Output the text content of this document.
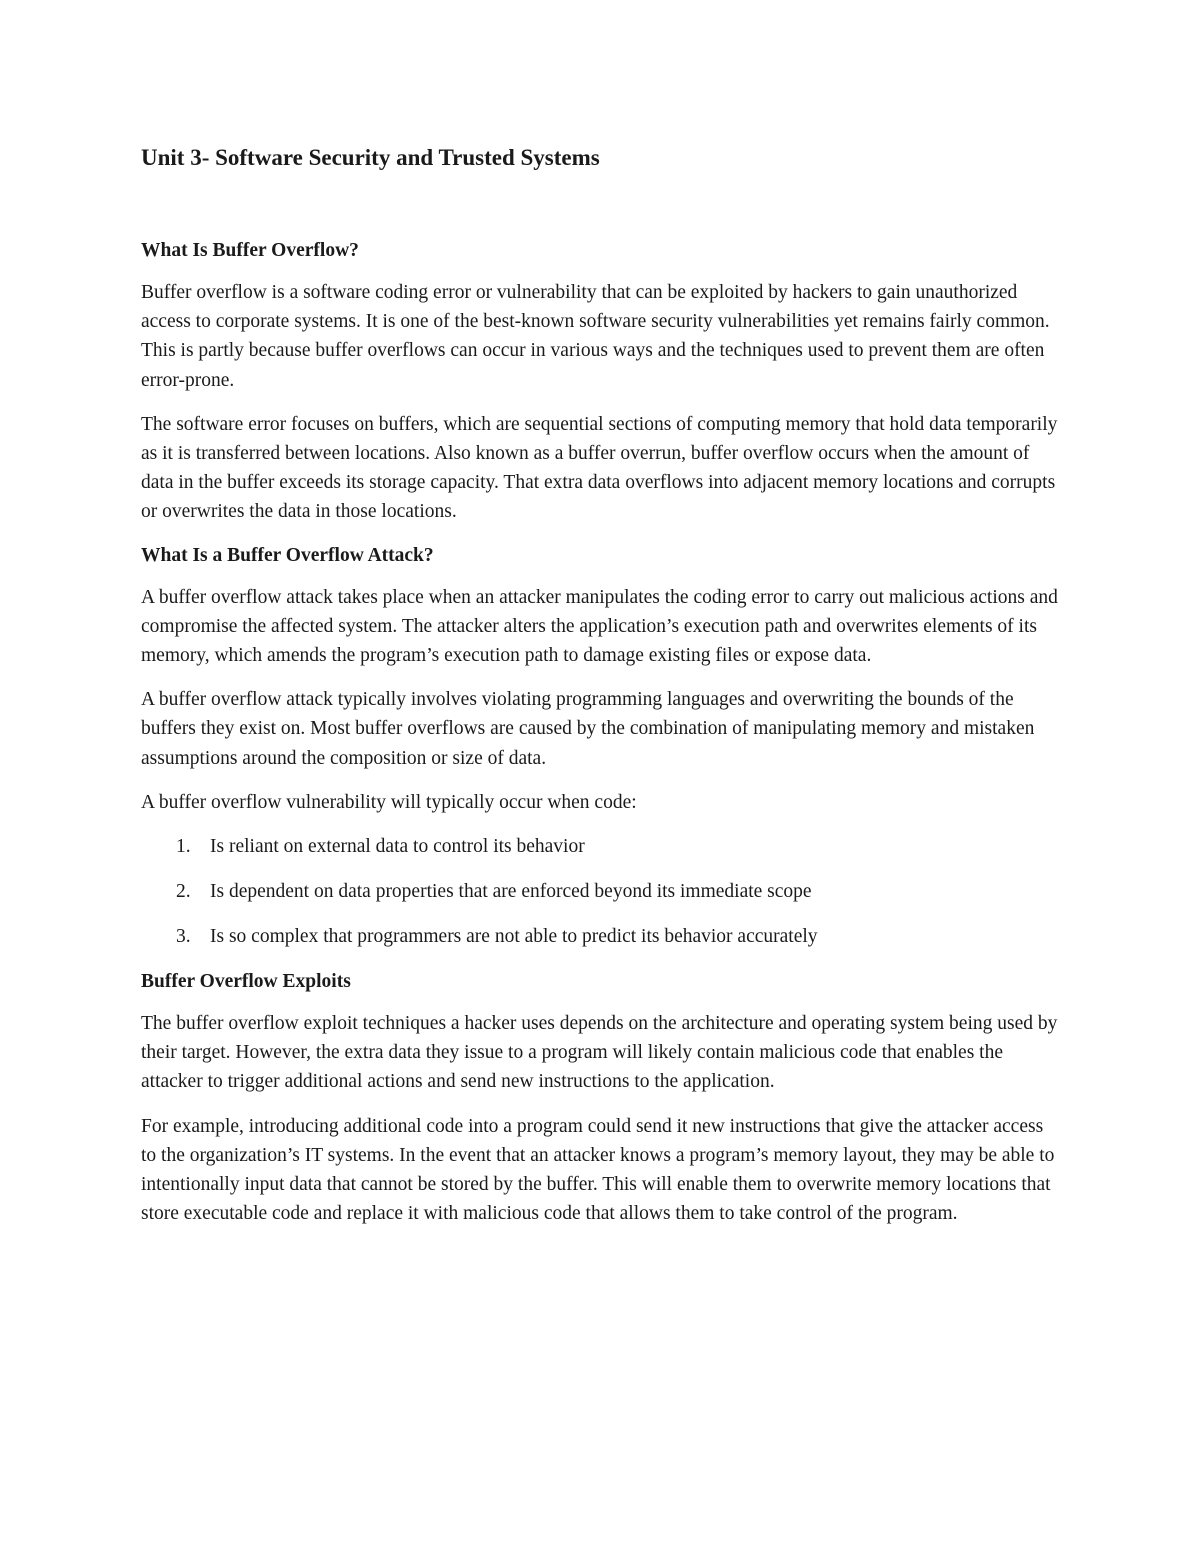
Unit 3- Software Security and Trusted Systems
What Is Buffer Overflow?

Buffer overflow is a software coding error or vulnerability that can be exploited by hackers to gain unauthorized access to corporate systems. It is one of the best-known software security vulnerabilities yet remains fairly common. This is partly because buffer overflows can occur in various ways and the techniques used to prevent them are often error-prone.

The software error focuses on buffers, which are sequential sections of computing memory that hold data temporarily as it is transferred between locations. Also known as a buffer overrun, buffer overflow occurs when the amount of data in the buffer exceeds its storage capacity. That extra data overflows into adjacent memory locations and corrupts or overwrites the data in those locations.

What Is a Buffer Overflow Attack?

A buffer overflow attack takes place when an attacker manipulates the coding error to carry out malicious actions and compromise the affected system. The attacker alters the application’s execution path and overwrites elements of its memory, which amends the program’s execution path to damage existing files or expose data.

A buffer overflow attack typically involves violating programming languages and overwriting the bounds of the buffers they exist on. Most buffer overflows are caused by the combination of manipulating memory and mistaken assumptions around the composition or size of data.

A buffer overflow vulnerability will typically occur when code:

1. Is reliant on external data to control its behavior
2. Is dependent on data properties that are enforced beyond its immediate scope
3. Is so complex that programmers are not able to predict its behavior accurately
Buffer Overflow Exploits

The buffer overflow exploit techniques a hacker uses depends on the architecture and operating system being used by their target. However, the extra data they issue to a program will likely contain malicious code that enables the attacker to trigger additional actions and send new instructions to the application.

For example, introducing additional code into a program could send it new instructions that give the attacker access to the organization’s IT systems. In the event that an attacker knows a program’s memory layout, they may be able to intentionally input data that cannot be stored by the buffer. This will enable them to overwrite memory locations that store executable code and replace it with malicious code that allows them to take control of the program.
